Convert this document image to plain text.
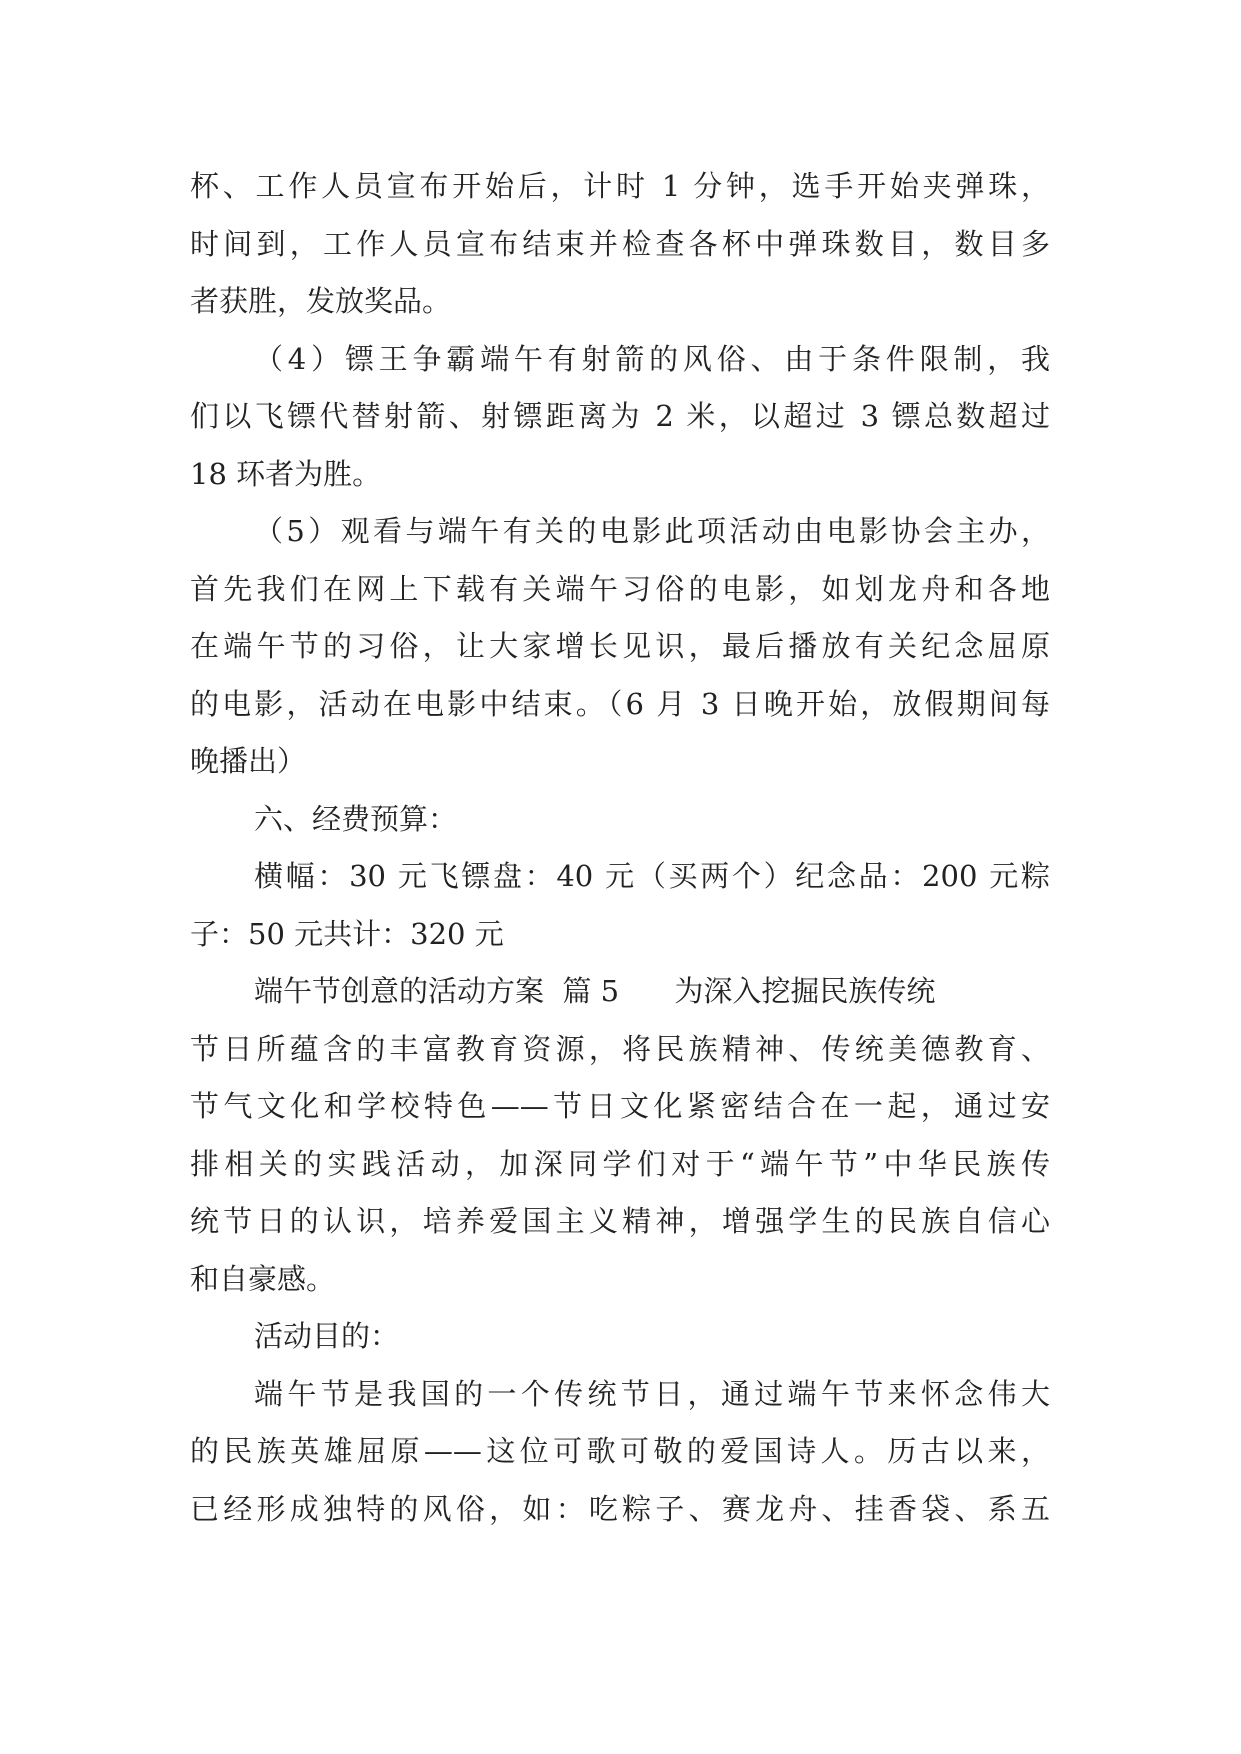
杯、工作人员宣布开始后，计时 1 分钟，选手开始夹弹珠，
时间到，工作人员宣布结束并检查各杯中弹珠数目，数目多
者获胜，发放奖品。
（4）镖王争霸端午有射箭的风俗、由于条件限制，我
们以飞镖代替射箭、射镖距离为 2 米，以超过 3 镖总数超过
18 环者为胜。
（5）观看与端午有关的电影此项活动由电影协会主办，
首先我们在网上下载有关端午习俗的电影，如划龙舟和各地
在端午节的习俗，让大家增长见识，最后播放有关纪念屈原
的电影，活动在电影中结束。（6 月 3 日晚开始，放假期间每
晚播出）
六、经费预算：
横幅：30 元飞镖盘：40 元（买两个）纪念品：200 元粽
子：50 元共计：320 元
端午节创意的活动方案  篇 5      为深入挖掘民族传统
节日所蕴含的丰富教育资源，将民族精神、传统美德教育、
节气文化和学校特色——节日文化紧密结合在一起，通过安
排相关的实践活动，加深同学们对于“端午节”中华民族传
统节日的认识，培养爱国主义精神，增强学生的民族自信心
和自豪感。
活动目的：
端午节是我国的一个传统节日，通过端午节来怀念伟大
的民族英雄屈原——这位可歌可敬的爱国诗人。历古以来，
已经形成独特的风俗，如：吃粽子、赛龙舟、挂香袋、系五
